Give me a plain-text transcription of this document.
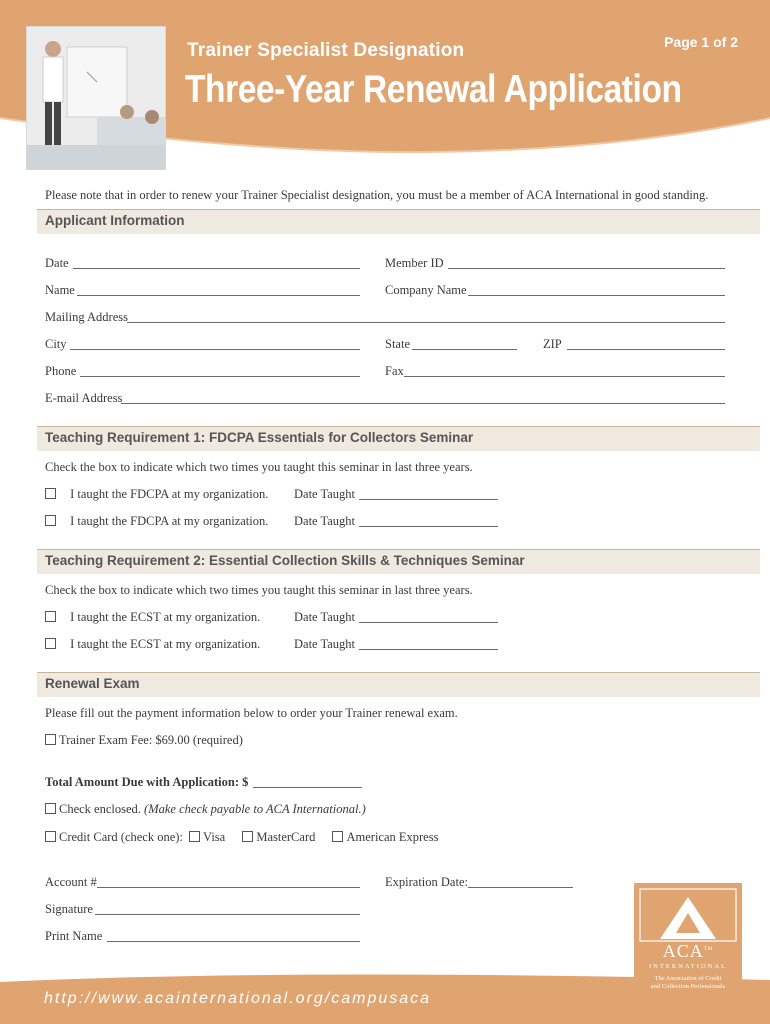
Page 1 of 2
Trainer Specialist Designation
Three-Year Renewal Application
Please note that in order to renew your Trainer Specialist designation, you must be a member of ACA International in good standing.
Applicant Information
Date	Member ID
Name	Company Name
Mailing Address
City	State	ZIP
Phone	Fax
E-mail Address
Teaching Requirement 1: FDCPA Essentials for Collectors Seminar
Check the box to indicate which two times you taught this seminar in last three years.
I taught the FDCPA at my organization. Date Taught
I taught the FDCPA at my organization. Date Taught
Teaching Requirement 2: Essential Collection Skills & Techniques Seminar
Check the box to indicate which two times you taught this seminar in last three years.
I taught the ECST at my organization.	Date Taught
I taught the ECST at my organization.	Date Taught
Renewal Exam
Please fill out the payment information below to order your Trainer renewal exam.
Trainer Exam Fee: $69.00 (required)
Total Amount Due with Application: $
Check enclosed. (Make check payable to ACA International.)
Credit Card (check one): Visa MasterCard American Express
Account #	Expiration Date:
Signature
Print Name
http://www.acainternational.org/campusaca
ACA™
INTERNATIONAL
The Association of Credit
and Collection Professionals
